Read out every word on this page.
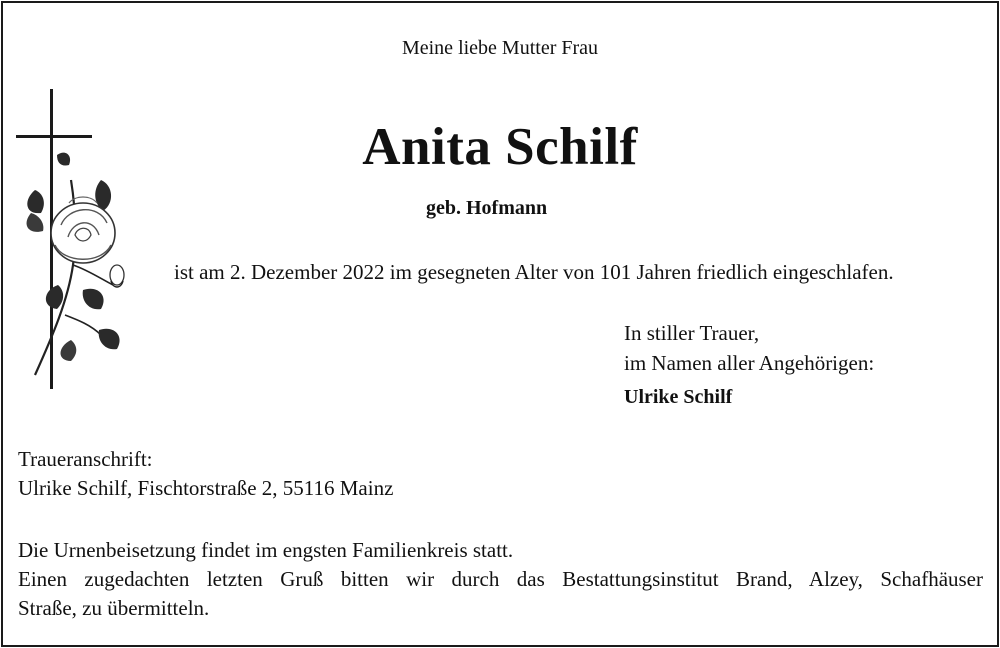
Meine liebe Mutter Frau
Anita Schilf
geb. Hofmann
ist am 2. Dezember 2022 im gesegneten Alter von 101 Jahren friedlich eingeschlafen.
In stiller Trauer,
im Namen aller Angehörigen:
Ulrike Schilf
Traueranschrift:
Ulrike Schilf, Fischtorstraße 2, 55116 Mainz
Die Urnenbeisetzung findet im engsten Familienkreis statt.
Einen zugedachten letzten Gruß bitten wir durch das Bestattungsinstitut Brand, Alzey, Schafhäuser
Straße, zu übermitteln.
